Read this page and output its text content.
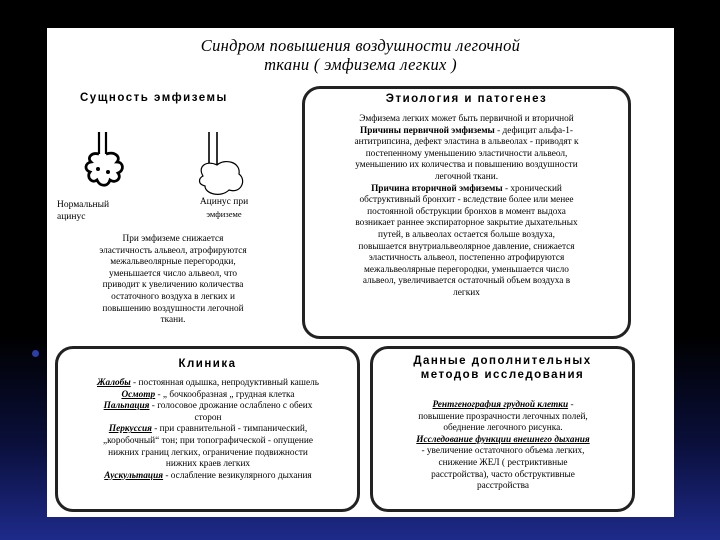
Синдром повышения воздушности легочной
ткани ( эмфизема легких )
Сущность эмфиземы
Нормальный
ацинус
Ацинус при
эмфиземе
При эмфиземе снижается
эластичность альвеол, атрофируются
межальвеолярные перегородки,
уменьшается число альвеол, что
приводит к увеличению количества
остаточного воздуха в легких и
повышению воздушности легочной
ткани.
Этиология и патогенез
Эмфизема легких может быть первичной и вторичной
Причины первичной эмфиземы - дефицит альфа-1-
антитрипсина, дефект эластина в альвеолах - приводят к
постепенному уменьшению эластичности альвеол,
уменьшению их количества и повышению воздушности
легочной ткани.
Причина вторичной эмфиземы - хронический
обструктивный бронхит - вследствие более или менее
постоянной обструкции бронхов в момент выдоха
возникает раннее экспираторное закрытие дыхательных
путей, в альвеолах остается больше воздуха,
повышается внутриальвеолярное давление, снижается
эластичность альвеол, постепенно атрофируются
межальвеолярные перегородки, уменьшается число
альвеол, увеличивается остаточный объем воздуха в
легких
Клиника
Жалобы - постоянная одышка, непродуктивный кашель
Осмотр - „ бочкообразная „ грудная клетка
Пальпация - голосовое дрожание ослаблено с обеих
сторон
Перкуссия - при сравнительной - тимпанический,
„коробочный“ тон; при топографической - опущение
нижних границ легких, ограничение подвижности
нижних краев легких
Аускультация - ослабление везикулярного дыхания
Данные дополнительных
методов исследования
Рентгенография грудной клетки -
повышение прозрачности легочных полей,
обеднение легочного рисунка.
Исследование функции внешнего дыхания
- увеличение остаточного объема легких,
снижение ЖЕЛ ( рестриктивные
расстройства), часто обструктивные
расстройства
